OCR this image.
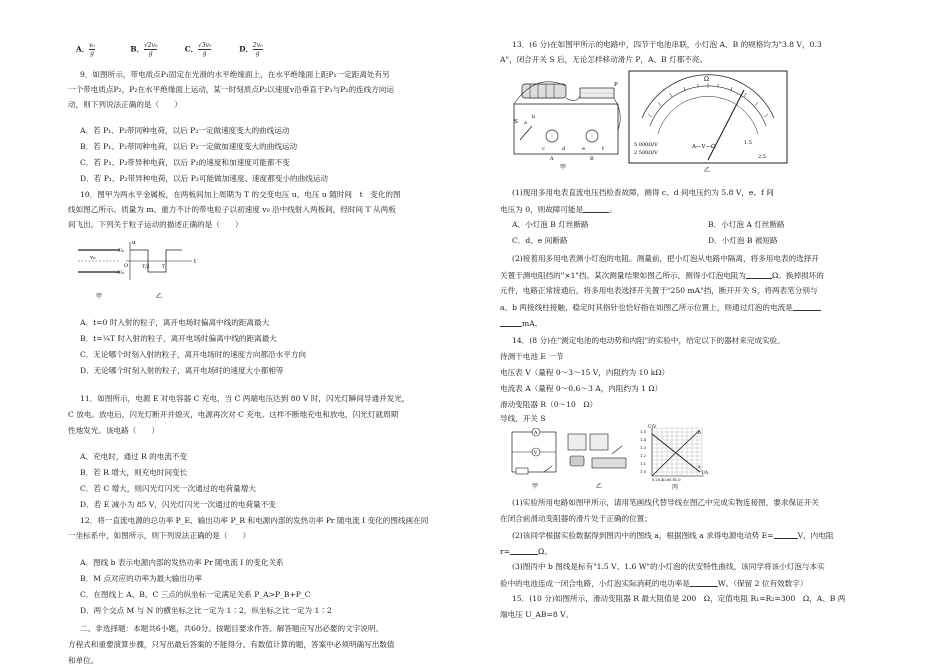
A． $\frac{\text{v₀}}{g}$	B． $\frac{\text{√2v₀}}{g}$	C． $\frac{\text{√3v₀}}{g}$	D． $\frac{\text{2v₀}}{g}$
9．如图所示，带电质点P₁固定在光滑的水平绝缘面上，在水平绝缘面上距P₁一定距离处有另
一个带电质点P₂，P₂在水平绝缘面上运动，某一时刻质点P₂以速度v沿垂直于P₁与P₂的连线方向运
动，则下列说法正确的是（　　）
A．若 P₁、P₂带同种电荷，以后 P₂一定做速度变大的曲线运动
B．若 P₁、P₂带同种电荷，以后 P₂一定做加速度变大的曲线运动
C．若 P₁、P₂带异种电荷，以后 P₂的速度和加速度可能都不变
D．若 P₁、P₂带异种电荷，以后 P₂可能做加速度、速度都变小的曲线运动
10．图甲为两水平金属板，在两板间加上周期为 T 的交变电压 u，电压 u 随时间　t　变化的图
线如图乙所示。质量为 m、重力不计的带电粒子以初速度 v₀ 沿中线射入两板间，经时间 T 从两板
间飞出。下列关于粒子运动的描述正确的是（　　）
v₀
u
U₀
-U₀
O	T/2	T
t
甲	乙
A．t=0 时入射的粒子，离开电场时偏离中线的距离最大
B．t=¼T 时入射的粒子，离开电场时偏离中线的距离最大
C．无论哪个时刻入射的粒子，离开电场时的速度方向都沿水平方向
D．无论哪个时刻入射的粒子，离开电场时的速度大小都相等
11．如图所示，电源 E 对电容器 C 充电，当 C 两端电压达到 80 V 时，闪光灯瞬间导通并发光，
C 放电。放电后，闪光灯断开并熄灭，电源再次对 C 充电。这样不断地充电和放电，闪光灯就周期
性地发光。该电路（　　）
A．充电时，通过 R 的电流不变
B．若 R 增大，则充电时间变长
C．若 C 增大，则闪光灯闪光一次通过的电荷量增大
D．若 E 减小为 85 V，闪光灯闪光一次通过的电荷量不变
12．将一直流电源的总功率 P_E、输出功率 P_R 和电源内部的发热功率 Pr 随电流 I 变化的图线画在同
一坐标系中，如图所示，则下列说法正确的是（　　）
A．图线 b 表示电源内部的发热功率 Pr 随电流 I 的变化关系
B．M 点对应的功率为最大输出功率
C．在图线上 A、B、C 三点的纵坐标一定满足关系 P_A>P_B+P_C
D．两个交点 M 与 N 的横坐标之比一定为 1∶2，纵坐标之比一定为 1∶2
二、非选择题：本题共6小题，共60分。按题目要求作答。解答题应写出必要的文字说明、
方程式和重要演算步骤，只写出最后答案的不能得分。有数值计算的题，答案中必须明确写出数值
和单位。
13．(6 分)在如图甲所示的电路中，四节干电池串联，小灯泡 A、B 的规格均为"3.8 V，0.3
A"，闭合开关 S 后，无论怎样移动滑片 P，A、B 灯都不亮。
S
P
a
b
c	d	e	f
A	B
甲
Ω
5 000Ω/V
2 500Ω/V
A—V—Ω
1.5
2.5
乙
(1)现用多用电表直流电压挡检查故障，测得 c、d 间电压约为 5.8 V，e、f 间
电压为 0，则故障可能是	。
A．小灯泡 B 灯丝断路	B．小灯泡 A 灯丝断路
C．d、e 间断路	D．小灯泡 B 被短路
(2)接着用多用电表测小灯泡的电阻。测量前，把小灯泡从电路中隔离，将多用电表的选择开
关置于测电阻挡的"×1"挡。某次测量结果如图乙所示，测得小灯泡电阻为	Ω。换掉损坏的
元件，电路正常接通后，将多用电表选择开关置于"250 mA"挡，断开开关 S，将两表笔分别与
a、b 两接线柱接触，稳定时其指针也恰好指在如图乙所示位置上，则通过灯泡的电流是
mA。
14．(8 分)在"测定电池的电动势和内阻"的实验中，给定以下的器材来完成实验。
待测干电池 E 一节
电压表 V（量程 0～3～15 V，内阻约为 10 kΩ）
电流表 A（量程 0～0.6～3 A，内阻约为 1 Ω）
滑动变阻器 R（0～10　Ω）
导线、开关 S
A
V
甲	乙
U/V
1.5
1.4
1.3
1.2
1.1
1.0
0.20.40.60.81.0
I/A
a
b
丙
(1)实验所用电路如图甲所示，请用笔画线代替导线在图乙中完成实物连接图，要求保证开关
在闭合前滑动变阻器的滑片处于正确的位置；
(2)该同学根据实验数据得到图丙中的图线 a，根据图线 a 求得电源电动势 E=	V，内电阻
r=	Ω。
(3)图丙中 b 图线是标有"1.5 V、1.6 W"的小灯泡的伏安特性曲线，该同学将该小灯泡与本实
验中的电池连成一闭合电路，小灯泡实际消耗的电功率是	W。（保留 2 位有效数字）
15．(10 分)如图所示，滑动变阻器 R 最大阻值是 200　Ω，定值电阻 R₁=R₂=300　Ω，A、B 两
端电压 U_AB=8 V。
